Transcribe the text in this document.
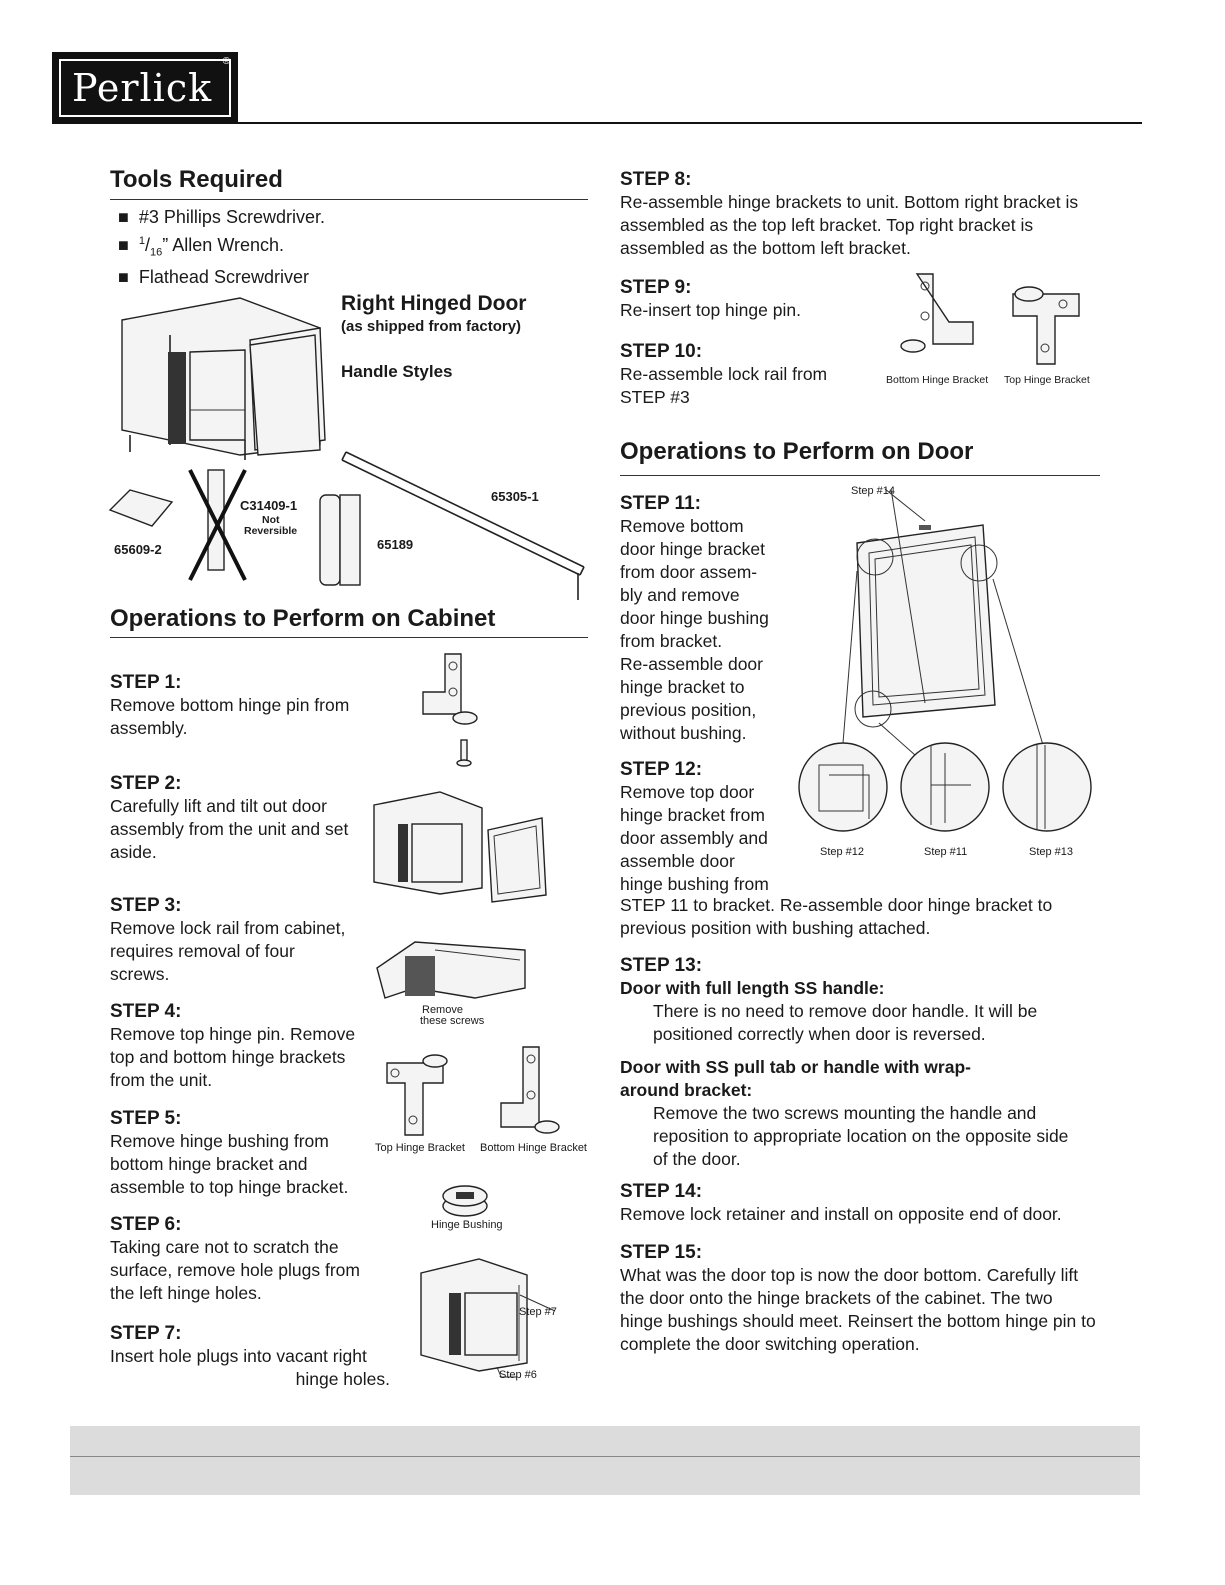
Perlick
®
Tools Required
■ #3 Phillips Screwdriver.
■ $^1/_{16}$” Allen Wrench.
■ Flathead Screwdriver
Right Hinged Door
(as shipped from factory)
Handle Styles
65609-2
C31409-1
Not
Reversible
65189
65305-1
Operations to Perform on Cabinet
STEP 1:
Remove bottom hinge pin from assembly.
STEP 2:
Carefully lift and tilt out door assembly from the unit and set aside.
STEP 3:
Remove lock rail from cabinet, requires removal of four screws.
STEP 4:
Remove top hinge pin. Remove top and bottom hinge brackets from the unit.
STEP 5:
Remove hinge bushing from bottom hinge bracket and assemble to top hinge bracket.
STEP 6:
Taking care not to scratch the surface, remove hole plugs from the left hinge holes.
STEP 7:
Insert hole plugs into vacant right
hinge holes.
Remove
these screws
Top Hinge Bracket Bottom Hinge Bracket
Hinge Bushing
Step #7
Step #6
STEP 8:
Re-assemble hinge brackets to unit. Bottom right bracket is assembled as the top left bracket. Top right bracket is assembled as the bottom left bracket.
STEP 9:
Re-insert top hinge pin.
STEP 10:
Re-assemble lock rail from
STEP #3
Bottom Hinge Bracket Top Hinge Bracket
Operations to Perform on Door
STEP 11:
Remove bottom
door hinge bracket
from door assem-
bly and remove
door hinge bushing
from bracket.
Re-assemble door
hinge bracket to
previous position,
without bushing.
STEP 12:
Remove top door
hinge bracket from
door assembly and
assemble door
hinge bushing from
STEP 11 to bracket. Re-assemble door hinge bracket to previous position with bushing attached.
Step #14
Step #12	Step #11	Step #13
STEP 13:
Door with full length SS handle:
There is no need to remove door handle. It will be positioned correctly when door is reversed.
Door with SS pull tab or handle with wrap-
around bracket:
Remove the two screws mounting the handle and reposition to appropriate location on the opposite side of the door.
STEP 14:
Remove lock retainer and install on opposite end of door.
STEP 15:
What was the door top is now the door bottom. Carefully lift the door onto the hinge brackets of the cabinet. The two hinge bushings should meet. Reinsert the bottom hinge pin to complete the door switching operation.
